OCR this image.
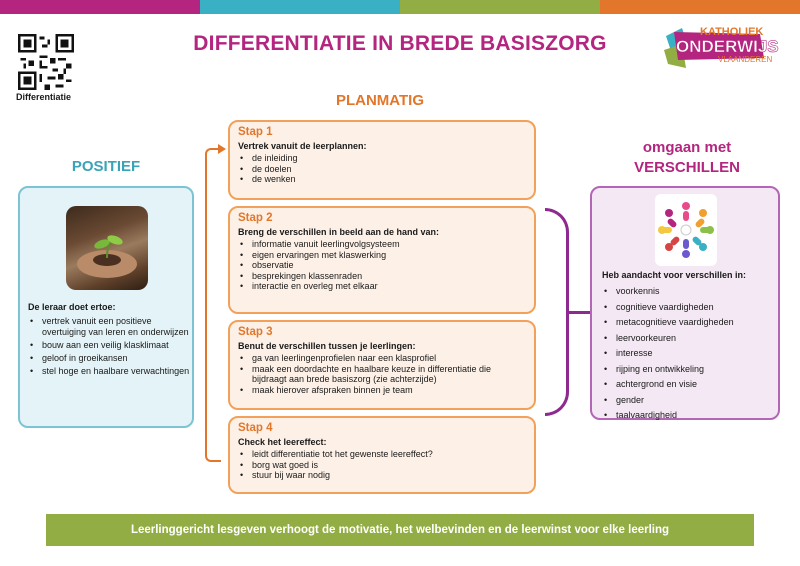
Differentiatie
DIFFERENTIATIE IN BREDE BASISZORG	KATHOLIEK
ONDERWIJS
VLAANDEREN
PLANMATIG
POSITIEF
omgaan met
VERSCHILLEN
De leraar doet ertoe:
• vertrek vanuit een positieve overtuiging van leren en onderwijzen
• bouw aan een veilig klasklimaat
• geloof in groeikansen
• stel hoge en haalbare verwachtingen
Stap 1
Vertrek vanuit de leerplannen:
• de inleiding
• de doelen
• de wenken
Stap 2
Breng de verschillen in beeld aan de hand van:
• informatie vanuit leerlingvolgsysteem
• eigen ervaringen met klaswerking
• observatie
• besprekingen klassenraden
• interactie en overleg met elkaar
Stap 3
Benut de verschillen tussen je leerlingen:
• ga van leerlingenprofielen naar een klasprofiel
• maak een doordachte en haalbare keuze in differentiatie die bijdraagt aan brede basiszorg (zie achterzijde)
• maak hierover afspraken binnen je team
Stap 4
Check het leereffect:
• leidt differentiatie tot het gewenste leereffect?
• borg wat goed is
• stuur bij waar nodig
Heb aandacht voor verschillen in:
• voorkennis
• cognitieve vaardigheden
• metacognitieve vaardigheden
• leervoorkeuren
• interesse
• rijping en ontwikkeling
• achtergrond en visie
• gender
• taalvaardigheid
Leerlinggericht lesgeven verhoogt de motivatie, het welbevinden en de leerwinst voor elke leerling
